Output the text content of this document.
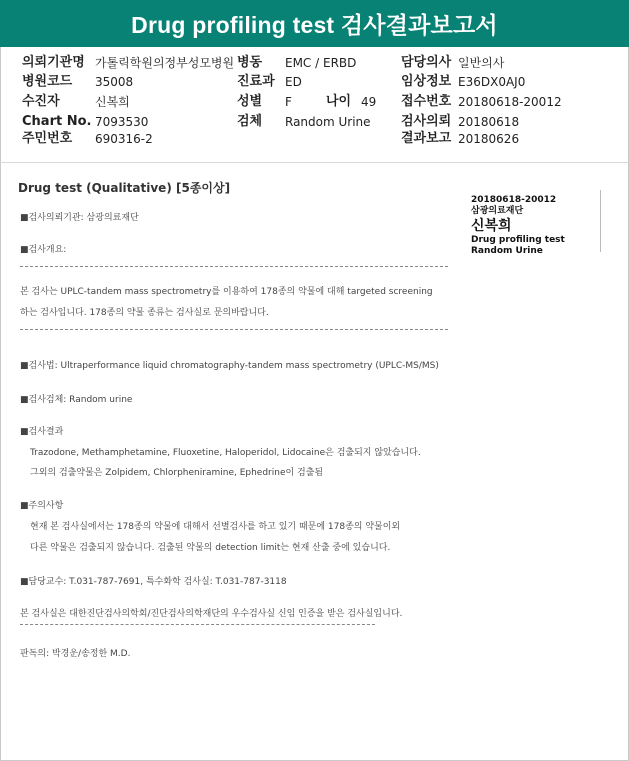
Drug profiling test 검사결과보고서
의뢰기관명
병원코드
수진자
Chart No.
주민번호
가톨릭학원의정부성모병원
35008
신복희
7093530
690316-2
병동
진료과
성별
검체
EMC / ERBD
ED
F
Random Urine
나이 49
담당의사
임상정보
접수번호
검사의뢰
결과보고
일반의사
E36DX0AJ0
20180618-20012
20180618
20180626
Drug test (Qualitative) [5종이상]
20180618-20012
삼광의료재단
신복희
Drug profiling test
Random Urine
■검사의뢰기관: 삼광의료재단
■검사개요:
본 검사는 UPLC-tandem mass spectrometry를 이용하여 178종의 약물에 대해 targeted screening
하는 검사입니다. 178종의 약물 종류는 검사실로 문의바랍니다.
■검사법: Ultraperformance liquid chromatography-tandem mass spectrometry (UPLC-MS/MS)
■검사검체: Random urine
■검사결과
Trazodone, Methamphetamine, Fluoxetine, Haloperidol, Lidocaine은 검출되지 않았습니다.
그외의 검출약물은 Zolpidem, Chlorpheniramine, Ephedrine이 검출됨
■주의사항
현재 본 검사실에서는 178종의 약물에 대해서 선별검사를 하고 있기 때문에 178종의 약물이외
다른 약물은 검출되지 않습니다. 검출된 약물의 detection limit는 현재 산출 중에 있습니다.
■담당교수: T.031-787-7691, 특수화학 검사실: T.031-787-3118
본 검사실은 대한진단검사의학회/진단검사의학재단의 우수검사실 신임 인증을 받은 검사실입니다.
판독의: 박경운/송정한 M.D.
